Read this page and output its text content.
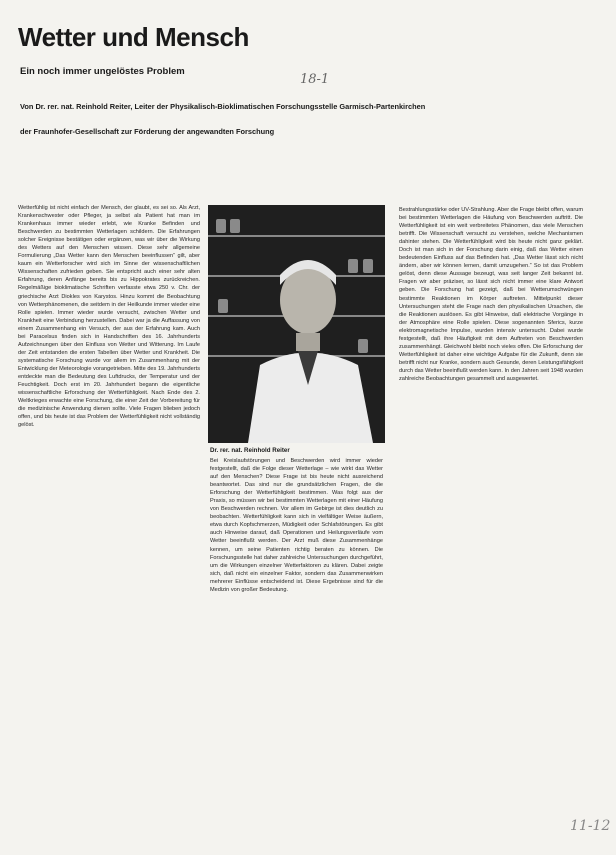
Wetter und Mensch
Ein noch immer ungelöstes Problem
18-1
Von Dr. rer. nat. Reinhold Reiter, Leiter der Physikalisch-Bioklimatischen Forschungsstelle Garmisch-Partenkirchen
der Fraunhofer-Gesellschaft zur Förderung der angewandten Forschung
Wetterfühlig ist nicht einfach der Mensch, der glaubt, es sei so. Als Arzt, Krankenschwester oder Pfleger, ja selbst als Patient hat man im Krankenhaus immer wieder erlebt, wie Kranke Befinden und Beschwerden zu bestimmten Wetterlagen schildern. Die Erfahrungen solcher Ereignisse bestätigen oder ergänzen, was wir über die Wirkung des Wetters auf den Menschen wissen. Diese sehr allgemeine Formulierung „Das Wetter kann den Menschen beeinflussen“ gilt, aber kaum ein Wetterforscher wird sich im Sinne der wissenschaftlichen Wissenschaften zufrieden geben. Sie entspricht auch einer sehr alten Erfahrung, deren Anfänge bereits bis zu Hippokrates zurückreichen. Regelmäßige bioklimatische Schriften verfasste etwa 250 v. Chr. der griechische Arzt Diokles von Karystos. Hinzu kommt die Beobachtung von Wetterphänomenen, die seitdem in der Heilkunde immer wieder eine Rolle spielen. Immer wieder wurde versucht, zwischen Wetter und Krankheit eine Verbindung herzustellen. Dabei war ja die Auffassung von einem Zusammenhang ein Versuch, der aus der Erfahrung kam. Auch bei Paracelsus finden sich in Handschriften des 16. Jahrhunderts Aufzeichnungen über den Einfluss von Wetter und Witterung. Im Laufe der Zeit entstanden die ersten Tabellen über Wetter und Krankheit. Die systematische Forschung wurde vor allem im Zusammenhang mit der Entwicklung der Meteorologie vorangetrieben. Mitte des 19. Jahrhunderts entdeckte man die Bedeutung des Luftdrucks, der Temperatur und der Feuchtigkeit. Doch erst im 20. Jahrhundert begann die eigentliche wissenschaftliche Erforschung der Wetterfühligkeit. Nach Ende des 2. Weltkrieges erwachte eine Forschung, die einer Zeit der Vorbereitung für die medizinische Anwendung dienen sollte. Viele Fragen blieben jedoch offen, und bis heute ist das Problem der Wetterfühligkeit nicht vollständig gelöst.
Dr. rer. nat. Reinhold Reiter
Bei Kreislaufstörungen und Beschwerden wird immer wieder festgestellt, daß die Folge dieser Wetterlage – wie wirkt das Wetter auf den Menschen? Diese Frage ist bis heute nicht ausreichend beantwortet. Das sind nur die grundsätzlichen Fragen, die die Erforschung der Wetterfühligkeit bestimmen. Was folgt aus der Praxis, so müssen wir bei bestimmten Wetterlagen mit einer Häufung von Beschwerden rechnen. Vor allem im Gebirge ist dies deutlich zu beobachten. Wetterfühligkeit kann sich in vielfältiger Weise äußern, etwa durch Kopfschmerzen, Müdigkeit oder Schlafstörungen. Es gibt auch Hinweise darauf, daß Operationen und Heilungsverläufe vom Wetter beeinflußt werden. Der Arzt muß diese Zusammenhänge kennen, um seine Patienten richtig beraten zu können. Die Forschungsstelle hat daher zahlreiche Untersuchungen durchgeführt, um die Wirkungen einzelner Wetterfaktoren zu klären. Dabei zeigte sich, daß nicht ein einzelner Faktor, sondern das Zusammenwirken mehrerer Einflüsse entscheidend ist. Diese Ergebnisse sind für die Medizin von großer Bedeutung.
Bestrahlungsstärke oder UV-Strahlung. Aber die Frage bleibt offen, warum bei bestimmten Wetterlagen die Häufung von Beschwerden auftritt. Die Wetterfühligkeit ist ein weit verbreitetes Phänomen, das viele Menschen betrifft. Die Wissenschaft versucht zu verstehen, welche Mechanismen dahinter stehen. Die Wetterfühligkeit wird bis heute nicht ganz geklärt. Doch ist man sich in der Forschung darin einig, daß das Wetter einen bedeutenden Einfluss auf das Befinden hat. „Das Wetter lässt sich nicht ändern, aber wir können lernen, damit umzugehen.“ So ist das Problem gelöst, denn diese Aussage bezeugt, was seit langer Zeit bekannt ist. Fragen wir aber präziser, so lässt sich nicht immer eine klare Antwort geben. Die Forschung hat gezeigt, daß bei Wetterumschwüngen bestimmte Reaktionen im Körper auftreten. Mittelpunkt dieser Untersuchungen steht die Frage nach den physikalischen Ursachen, die die Reaktionen auslösen. Es gibt Hinweise, daß elektrische Vorgänge in der Atmosphäre eine Rolle spielen. Diese sogenannten Sferics, kurze elektromagnetische Impulse, wurden intensiv untersucht. Dabei wurde festgestellt, daß ihre Häufigkeit mit dem Auftreten von Beschwerden zusammenhängt. Gleichwohl bleibt noch vieles offen. Die Erforschung der Wetterfühligkeit ist daher eine wichtige Aufgabe für die Zukunft, denn sie betrifft nicht nur Kranke, sondern auch Gesunde, deren Leistungsfähigkeit durch das Wetter beeinflußt werden kann. In den Jahren seit 1948 wurden zahlreiche Beobachtungen gesammelt und ausgewertet.
11-12
